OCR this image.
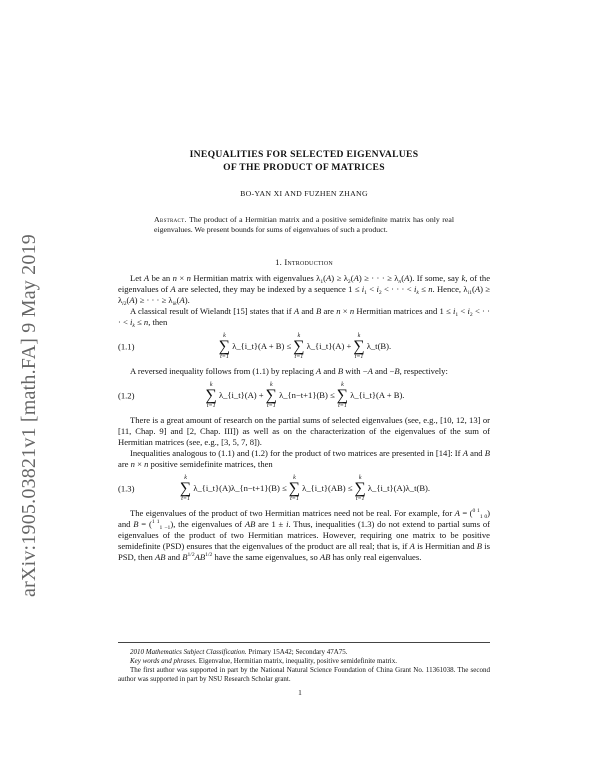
arXiv:1905.03821v1 [math.FA] 9 May 2019
INEQUALITIES FOR SELECTED EIGENVALUES
OF THE PRODUCT OF MATRICES
BO-YAN XI AND FUZHEN ZHANG
Abstract. The product of a Hermitian matrix and a positive semidefinite matrix has only real eigenvalues. We present bounds for sums of eigenvalues of such a product.
1. Introduction

Let A be an n × n Hermitian matrix with eigenvalues $\lambda_1(A) \ge \lambda_2(A)$ ≥ · · · ≥ $\lambda_n(A)$. If some, say k, of the eigenvalues of A are selected, they may be indexed by a sequence $1 \le i_1 < i_2$ < · · · < $i_k \le n$. Hence, $\lambda_{i1}(A) \ge \lambda_{i2}(A)$ ≥ · · · ≥ $\lambda_{ik}(A)$.

A classical result of Wielandt [15] states that if A and B are n × n Hermitian matrices and $1 \le i_1 < i_2$ < · · · < $i_k \le n$, then

(1.1)
k
∑
t=1
λ_{i_t}(A + B) ≤
k
∑
t=1
λ_{i_t}(A) +
k
∑
t=1
λ_t(B).

A reversed inequality follows from (1.1) by replacing A and B with −A and −B, respectively:

(1.2)
k
∑
t=1
λ_{i_t}(A) +
k
∑
t=1
λ_{n−t+1}(B) ≤
k
∑
t=1
λ_{i_t}(A + B).

There is a great amount of research on the partial sums of selected eigenvalues (see, e.g., [10, 12, 13] or [11, Chap. 9] and [2, Chap. III]) as well as on the characterization of the eigenvalues of the sum of Hermitian matrices (see, e.g., [3, 5, 7, 8]).

Inequalities analogous to (1.1) and (1.2) for the product of two matrices are presented in [14]: If A and B are n × n positive semidefinite matrices, then

(1.3)
k
∑
t=1
λ_{i_t}(A)λ_{n−t+1}(B) ≤
k
∑
t=1
λ_{i_t}(AB) ≤
k
∑
t=1
λ_{i_t}(A)λ_t(B).

The eigenvalues of the product of two Hermitian matrices need not be real. For example, for A = ($^{0 1}_{1 0}$) and B = ($^{1 1}_{1 -1}$), the eigenvalues of AB are 1 ± i. Thus, inequalities (1.3) do not extend to partial sums of eigenvalues of the product of two Hermitian matrices. However, requiring one matrix to be positive semidefinite (PSD) ensures that the eigenvalues of the product are all real; that is, if A is Hermitian and B is PSD, then AB and $B^{1/2}AB^{1/2}$ have the same eigenvalues, so AB has only real eigenvalues.

2010 Mathematics Subject Classification. Primary 15A42; Secondary 47A75.

Key words and phrases. Eigenvalue, Hermitian matrix, inequality, positive semidefinite matrix.

The first author was supported in part by the National Natural Science Foundation of China Grant No. 11361038. The second author was supported in part by NSU Research Scholar grant.

1
